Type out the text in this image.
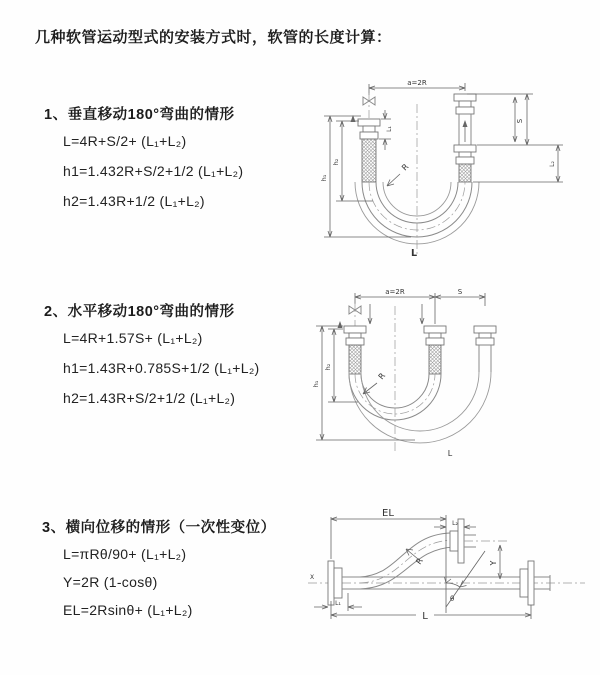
几种软管运动型式的安装方式时，软管的长度计算：
1、垂直移动180°弯曲的情形
L=4R+S/2+ (L₁+L₂)
h1=1.432R+S/2+1/2 (L₁+L₂)
h2=1.43R+1/2 (L₁+L₂)
a=2R
h₁
h₂
L₁
S
L₂
R
L
2、水平移动180°弯曲的情形
L=4R+1.57S+ (L₁+L₂)
h1=1.43R+0.785S+1/2 (L₁+L₂)
h2=1.43R+S/2+1/2 (L₁+L₂)
a=2R	S
h₁
h₂
R
L
3、横向位移的情形（一次性变位）
L=πRθ/90+ (L₁+L₂)
Y=2R (1-cosθ)
EL=2Rsinθ+ (L₁+L₂)
X
EL
L₂
Y
θ
R
L
L₁
